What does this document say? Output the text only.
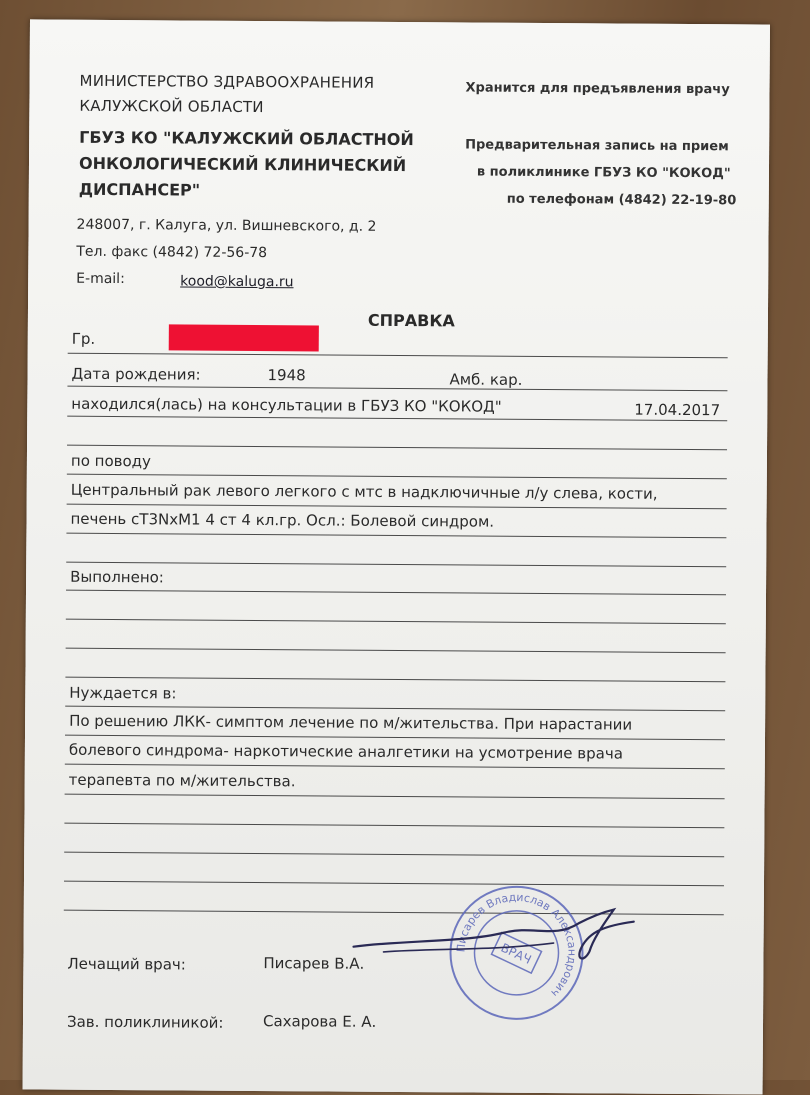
МИНИСТЕРСТВО ЗДРАВООХРАНЕНИЯ
КАЛУЖСКОЙ ОБЛАСТИ
ГБУЗ КО "КАЛУЖСКИЙ ОБЛАСТНОЙ
ОНКОЛОГИЧЕСКИЙ КЛИНИЧЕСКИЙ
ДИСПАНСЕР"
248007, г. Калуга, ул. Вишневского, д. 2
Тел. факс (4842) 72-56-78
E-mail:	kood@kaluga.ru
Хранится для предъявления врачу
Предварительная запись на прием
в поликлинике ГБУЗ КО "КОКОД"
по телефонам (4842) 22-19-80
СПРАВКА
Гр.
Дата рождения:	1948	Амб. кар.
находился(лась) на консультации в ГБУЗ КО "КОКОД"	17.04.2017
по поводу
Центральный рак левого легкого с мтс в надключичные л/у слева, кости,
печень cT3NxM1 4 ст 4 кл.гр. Осл.: Болевой синдром.
Выполнено:
Нуждается в:
По решению ЛКК- симптом лечение по м/жительства. При нарастании
болевого синдрома- наркотические аналгетики на усмотрение врача
терапевта по м/жительства.
Писарев Владислав Александрович
ВРАЧ
Лечащий врач:	Писарев В.А.
Зав. поликлиникой:	Сахарова Е. А.
